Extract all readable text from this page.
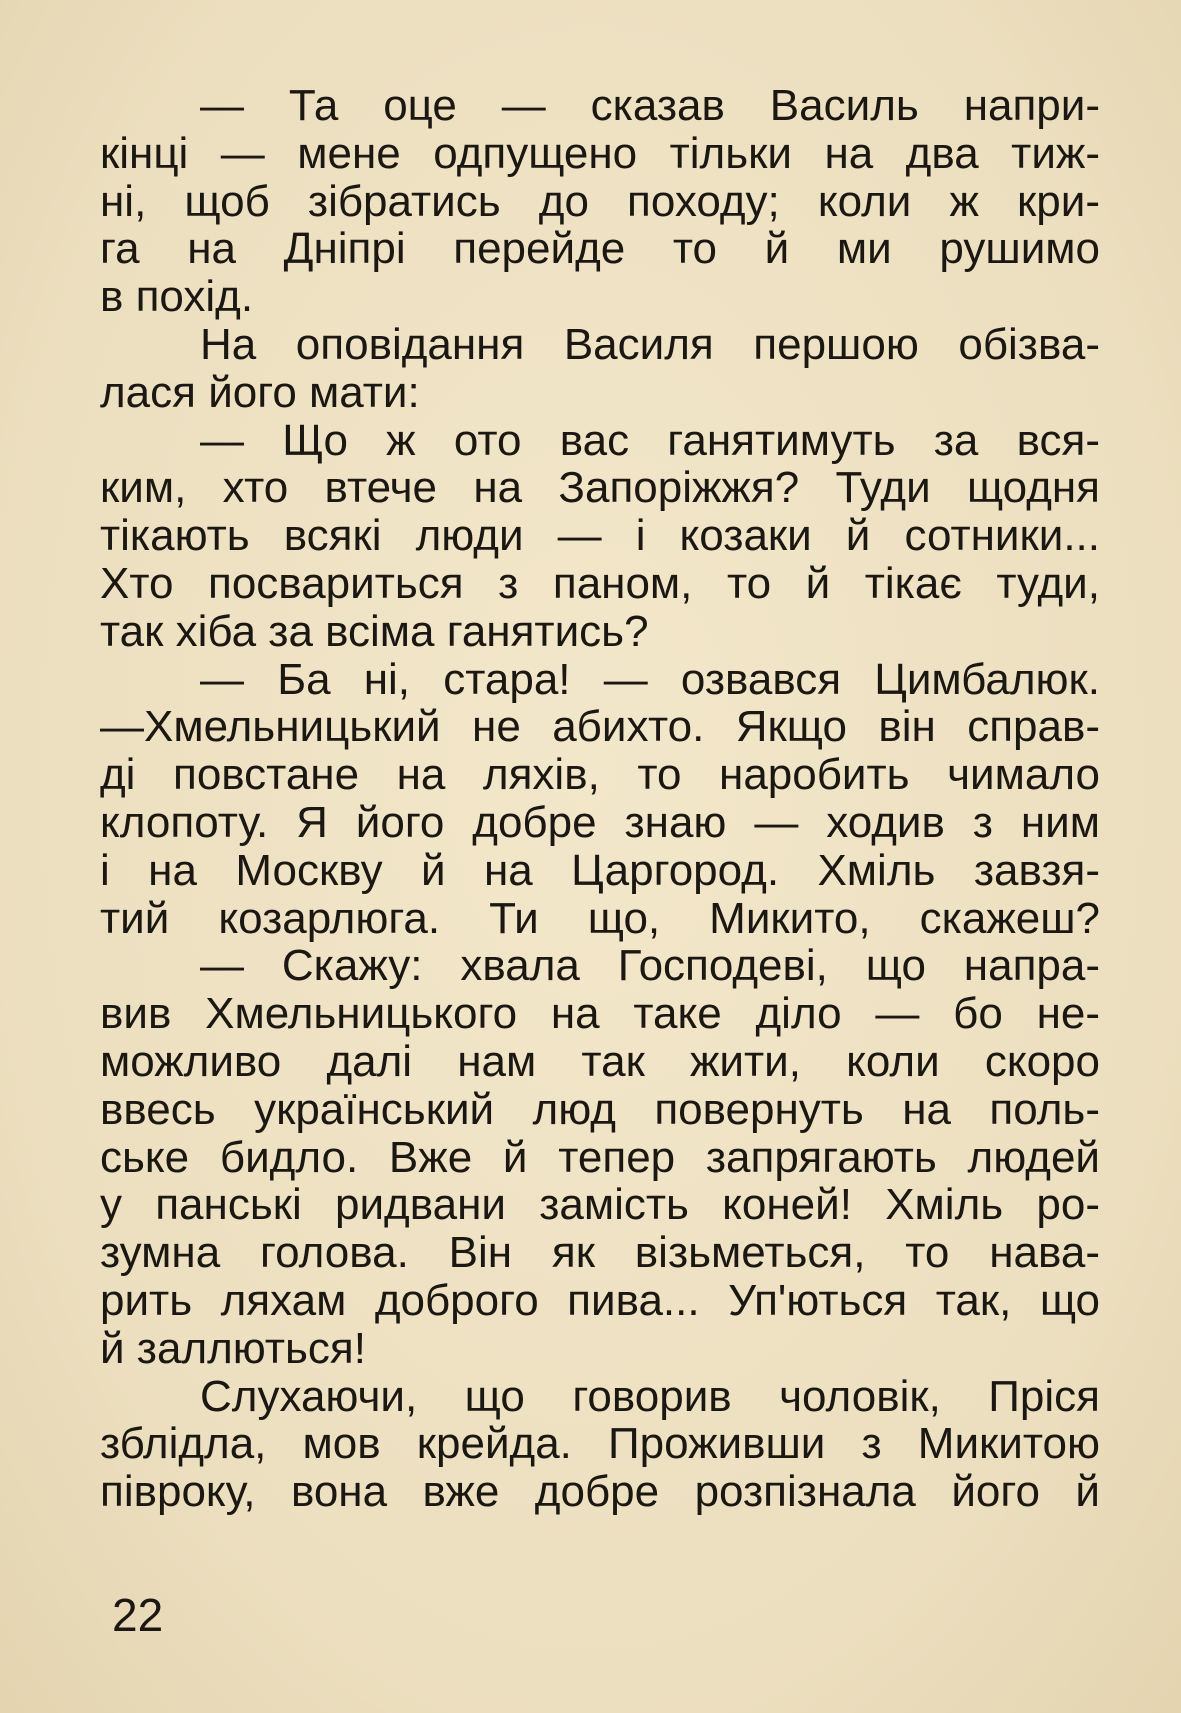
— Та оце — сказав Василь напри-
кінці — мене одпущено тільки на два тиж-
ні, щоб зібратись до походу; коли ж кри-
га на Дніпрі перейде то й ми рушимо
в похід.
На оповідання Василя першою обізва-
лася його мати:
— Що ж ото вас ганятимуть за вся-
ким, хто втече на Запоріжжя? Туди щодня
тікають всякі люди — і козаки й сотники...
Хто посвариться з паном, то й тікає туди,
так хіба за всіма ганятись?
— Ба ні, стара! — озвався Цимбалюк.
—Хмельницький не абихто. Якщо він справ-
ді повстане на ляхів, то наробить чимало
клопоту. Я його добре знаю — ходив з ним
і на Москву й на Царгород. Хміль завзя-
тий козарлюга. Ти що, Микито, скажеш?
— Скажу: хвала Господеві, що напра-
вив Хмельницького на таке діло — бо не-
можливо далі нам так жити, коли скоро
ввесь український люд повернуть на поль-
ське бидло. Вже й тепер запрягають людей
у панські ридвани замість коней! Хміль ро-
зумна голова. Він як візьметься, то нава-
рить ляхам доброго пива... Уп'ються так, що
й заллються!
Слухаючи, що говорив чоловік, Пріся
зблідла, мов крейда. Проживши з Микитою
півроку, вона вже добре розпізнала його й
22
